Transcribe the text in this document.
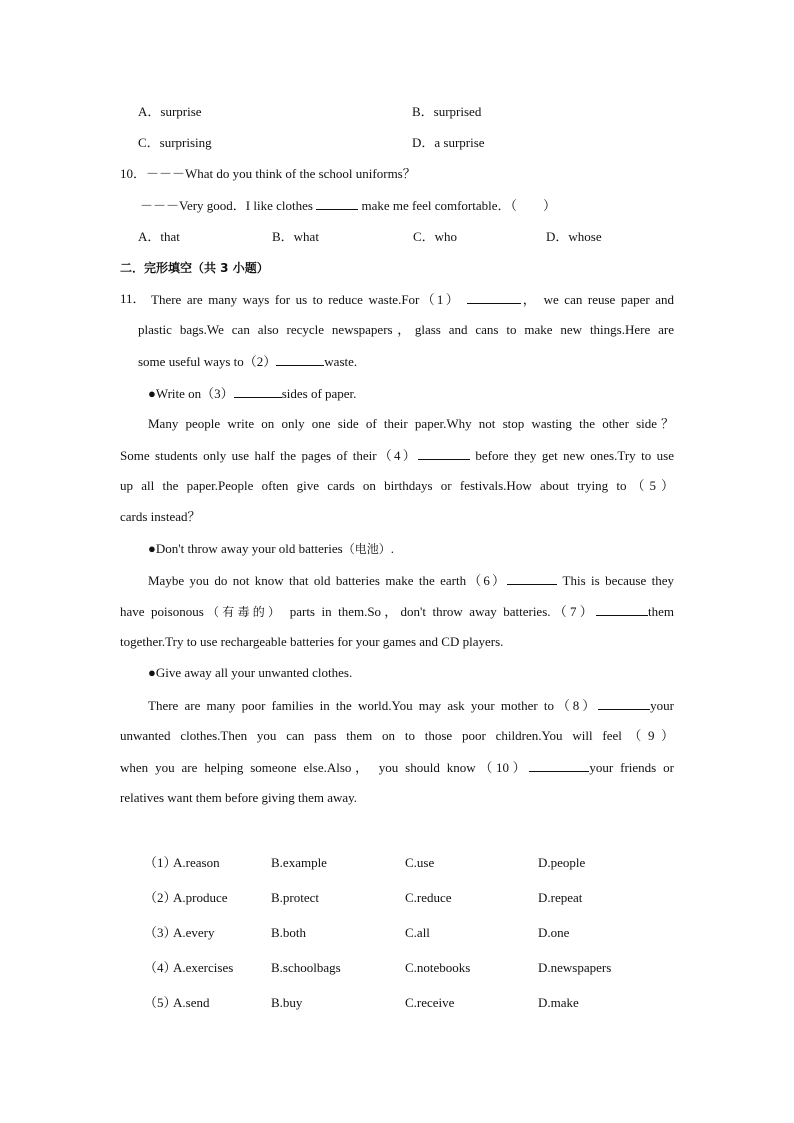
A．surprise	B．surprised
C．surprising	D．a surprise
10．－－－What do you think of the school uniforms？
－－－Very good．I like clothes	make me feel comfortable．（　　）
A．that	B．what	C．who	D．whose
二．完形填空（共 3 小题）
11． There are many ways for us to reduce waste.For（1）	， we can reuse paper and
plastic bags.We can also recycle newspapers，glass and cans to make new things.Here are
some useful ways to（2）	waste.
●Write on（3）	sides of paper.
Many people write on only one side of their paper.Why not stop wasting the other side？
Some students only use half the pages of their（4）	before they get new ones.Try to use
up all the paper.People often give cards on birthdays or festivals.How about trying to（5）
cards instead？
●Don't throw away your old batteries（电池）.
Maybe you do not know that old batteries make the earth（6）	This is because they
have poisonous（有毒的） parts in them.So，don't throw away batteries.（7）	them
together.Try to use rechargeable batteries for your games and CD players.
●Give away all your unwanted clothes.
There are many poor families in the world.You may ask your mother to（8）	your
unwanted clothes.Then you can pass them on to those poor children.You will feel（9）
when you are helping someone else.Also， you should know（10）	your friends or
relatives want them before giving them away.
（1）
A.reason	B.example	C.use	D.people
（2）
A.produce	B.protect	C.reduce	D.repeat
（3）
A.every	B.both	C.all	D.one
（4）
A.exercises	B.schoolbags	C.notebooks	D.newspapers
（5）
A.send	B.buy	C.receive	D.make
